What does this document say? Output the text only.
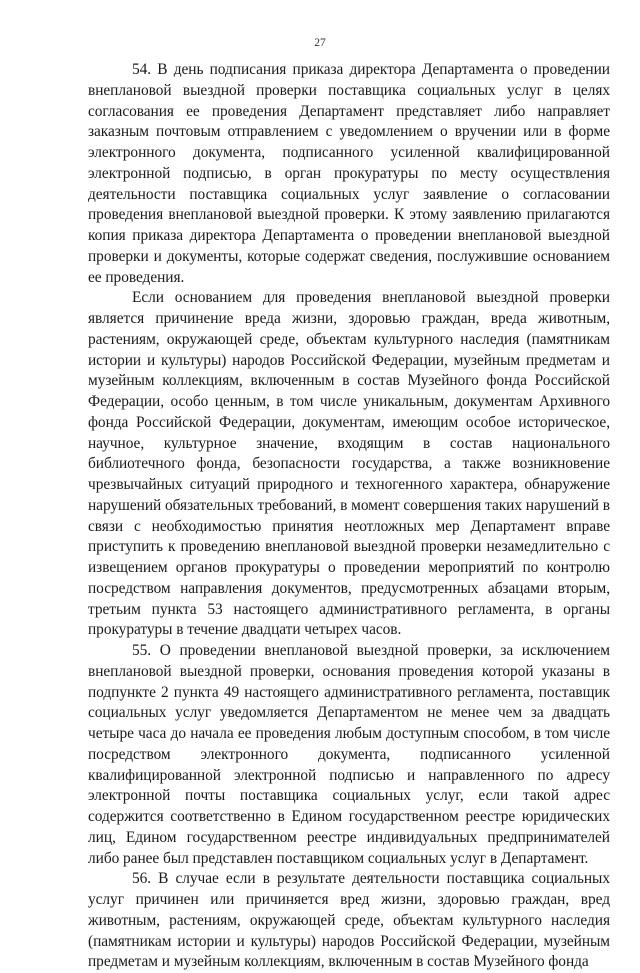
27

54. В день подписания приказа директора Департамента о проведении внеплановой выездной проверки поставщика социальных услуг в целях согласования ее проведения Департамент представляет либо направляет заказным почтовым отправлением с уведомлением о вручении или в форме электронного документа, подписанного усиленной квалифицированной электронной подписью, в орган прокуратуры по месту осуществления деятельности поставщика социальных услуг заявление о согласовании проведения внеплановой выездной проверки. К этому заявлению прилагаются копия приказа директора Департамента о проведении внеплановой выездной проверки и документы, которые содержат сведения, послужившие основанием ее проведения.

Если основанием для проведения внеплановой выездной проверки является причинение вреда жизни, здоровью граждан, вреда животным, растениям, окружающей среде, объектам культурного наследия (памятникам истории и культуры) народов Российской Федерации, музейным предметам и музейным коллекциям, включенным в состав Музейного фонда Российской Федерации, особо ценным, в том числе уникальным, документам Архивного фонда Российской Федерации, документам, имеющим особое историческое, научное, культурное значение, входящим в состав национального библиотечного фонда, безопасности государства, а также возникновение чрезвычайных ситуаций природного и техногенного характера, обнаружение нарушений обязательных требований, в момент совершения таких нарушений в связи с необходимостью принятия неотложных мер Департамент вправе приступить к проведению внеплановой выездной проверки незамедлительно с извещением органов прокуратуры о проведении мероприятий по контролю посредством направления документов, предусмотренных абзацами вторым, третьим пункта 53 настоящего административного регламента, в органы прокуратуры в течение двадцати четырех часов.

55. О проведении внеплановой выездной проверки, за исключением внеплановой выездной проверки, основания проведения которой указаны в подпункте 2 пункта 49 настоящего административного регламента, поставщик социальных услуг уведомляется Департаментом не менее чем за двадцать четыре часа до начала ее проведения любым доступным способом, в том числе посредством электронного документа, подписанного усиленной квалифицированной электронной подписью и направленного по адресу электронной почты поставщика социальных услуг, если такой адрес содержится соответственно в Едином государственном реестре юридических лиц, Едином государственном реестре индивидуальных предпринимателей либо ранее был представлен поставщиком социальных услуг в Департамент.

56. В случае если в результате деятельности поставщика социальных услуг причинен или причиняется вред жизни, здоровью граждан, вред животным, растениям, окружающей среде, объектам культурного наследия (памятникам истории и культуры) народов Российской Федерации, музейным предметам и музейным коллекциям, включенным в состав Музейного фонда
